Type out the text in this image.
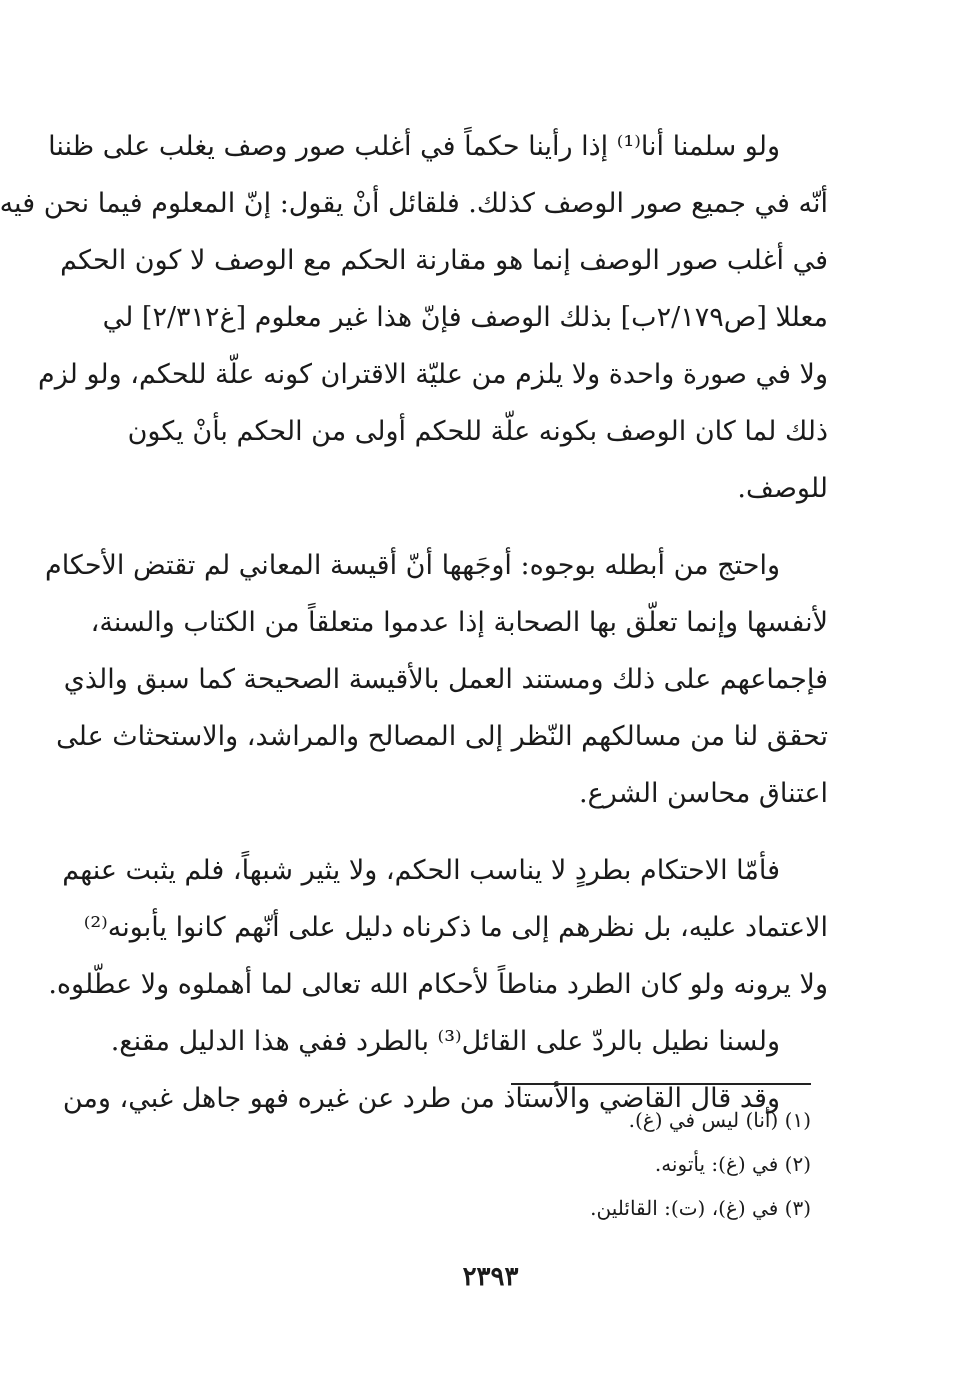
ولو سلمنا أنا⁽¹⁾ إذا رأينا حكماً في أغلب صور وصف يغلب على ظننا
أنّه في جميع صور الوصف كذلك. فلقائل أنْ يقول: إنّ المعلوم فيما نحن فيه
في أغلب صور الوصف إنما هو مقارنة الحكم مع الوصف لا كون الحكم
معللا [ص٢/١٧٩ب] بذلك الوصف فإنّ هذا غير معلوم [غ٢/٣١٢] لي
ولا في صورة واحدة ولا يلزم من عليّة الاقتران كونه علّة للحكم، ولو لزم
ذلك لما كان الوصف بكونه علّة للحكم أولى من الحكم بأنْ يكون
للوصف.
واحتج من أبطله بوجوه: أوجَهها أنّ أقيسة المعاني لم تقتض الأحكام
لأنفسها وإنما تعلّق بها الصحابة إذا عدموا متعلقاً من الكتاب والسنة،
فإجماعهم على ذلك ومستند العمل بالأقيسة الصحيحة كما سبق والذي
تحقق لنا من مسالكهم النّظر إلى المصالح والمراشد، والاستحثاث على
اعتناق محاسن الشرع.
فأمّا الاحتكام بطردٍ لا يناسب الحكم، ولا يثير شبهاً، فلم يثبت عنهم
الاعتماد عليه، بل نظرهم إلى ما ذكرناه دليل على أنّهم كانوا يأبونه⁽²⁾
ولا يرونه ولو كان الطرد مناطاً لأحكام الله تعالى لما أهملوه ولا عطّلوه.
ولسنا نطيل بالردّ على القائل⁽³⁾ بالطرد ففي هذا الدليل مقنع.
وقد قال القاضي والأستاذ من طرد عن غيره فهو جاهل غبي، ومن
(١) (أنا) ليس في (غ).
(٢) في (غ): يأتونه.
(٣) في (غ)، (ت): القائلين.
٢٣٩٣
